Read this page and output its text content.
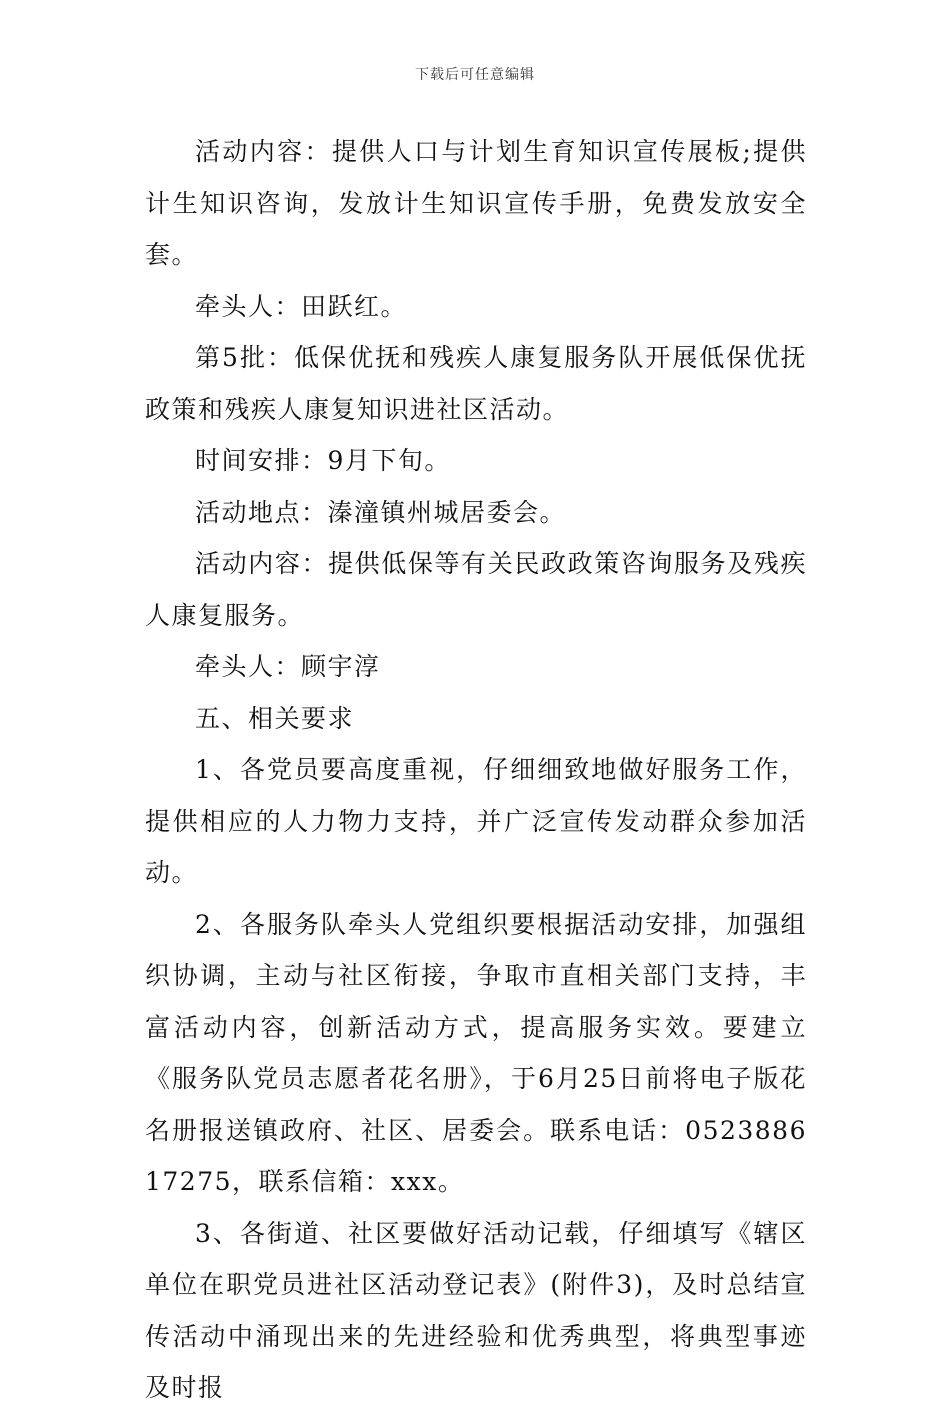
下载后可任意编辑

活动内容：提供人口与计划生育知识宣传展板;提供计生知识咨询，发放计生知识宣传手册，免费发放安全套。

牵头人：田跃红。

第5批：低保优抚和残疾人康复服务队开展低保优抚政策和残疾人康复知识进社区活动。

时间安排：9月下旬。

活动地点：溱潼镇州城居委会。

活动内容：提供低保等有关民政政策咨询服务及残疾人康复服务。

牵头人：顾宇淳

五、相关要求

1、各党员要高度重视，仔细细致地做好服务工作，提供相应的人力物力支持，并广泛宣传发动群众参加活动。

2、各服务队牵头人党组织要根据活动安排，加强组织协调，主动与社区衔接，争取市直相关部门支持，丰富活动内容，创新活动方式，提高服务实效。要建立《服务队党员志愿者花名册》，于6月25日前将电子版花名册报送镇政府、社区、居委会。联系电话：052388617275，联系信箱：xxx。

3、各街道、社区要做好活动记载，仔细填写《辖区单位在职党员进社区活动登记表》(附件3)，及时总结宣传活动中涌现出来的先进经验和优秀典型，将典型事迹及时报
